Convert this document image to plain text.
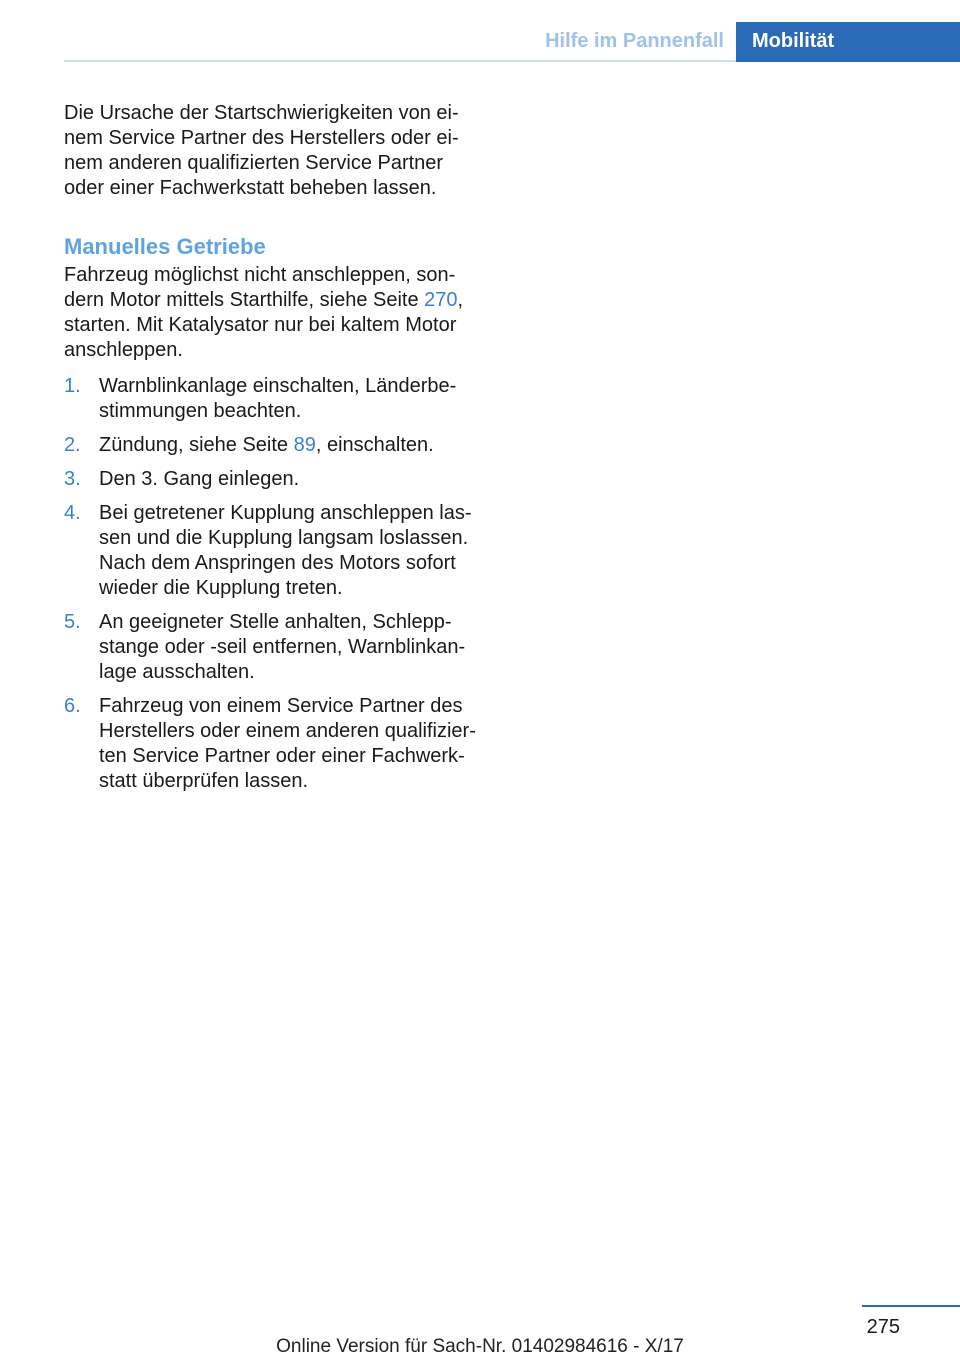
Hilfe im Pannenfall	Mobilität

Die Ursache der Startschwierigkeiten von einem Service Partner des Herstellers oder einem anderen qualifizierten Service Partner oder einer Fachwerkstatt beheben lassen.

Manuelles Getriebe

Fahrzeug möglichst nicht anschleppen, sondern Motor mittels Starthilfe, siehe Seite 270, starten. Mit Katalysator nur bei kaltem Motor anschleppen.

1. Warnblinkanlage einschalten, Länderbestimmungen beachten.
2. Zündung, siehe Seite 89, einschalten.
3. Den 3. Gang einlegen.
4. Bei getretener Kupplung anschleppen lassen und die Kupplung langsam loslassen. Nach dem Anspringen des Motors sofort wieder die Kupplung treten.
5. An geeigneter Stelle anhalten, Schleppstange oder ‑seil entfernen, Warnblinkanlage ausschalten.
6. Fahrzeug von einem Service Partner des Herstellers oder einem anderen qualifizierten Service Partner oder einer Fachwerkstatt überprüfen lassen.
275
Online Version für Sach-Nr. 01402984616 - X/17
